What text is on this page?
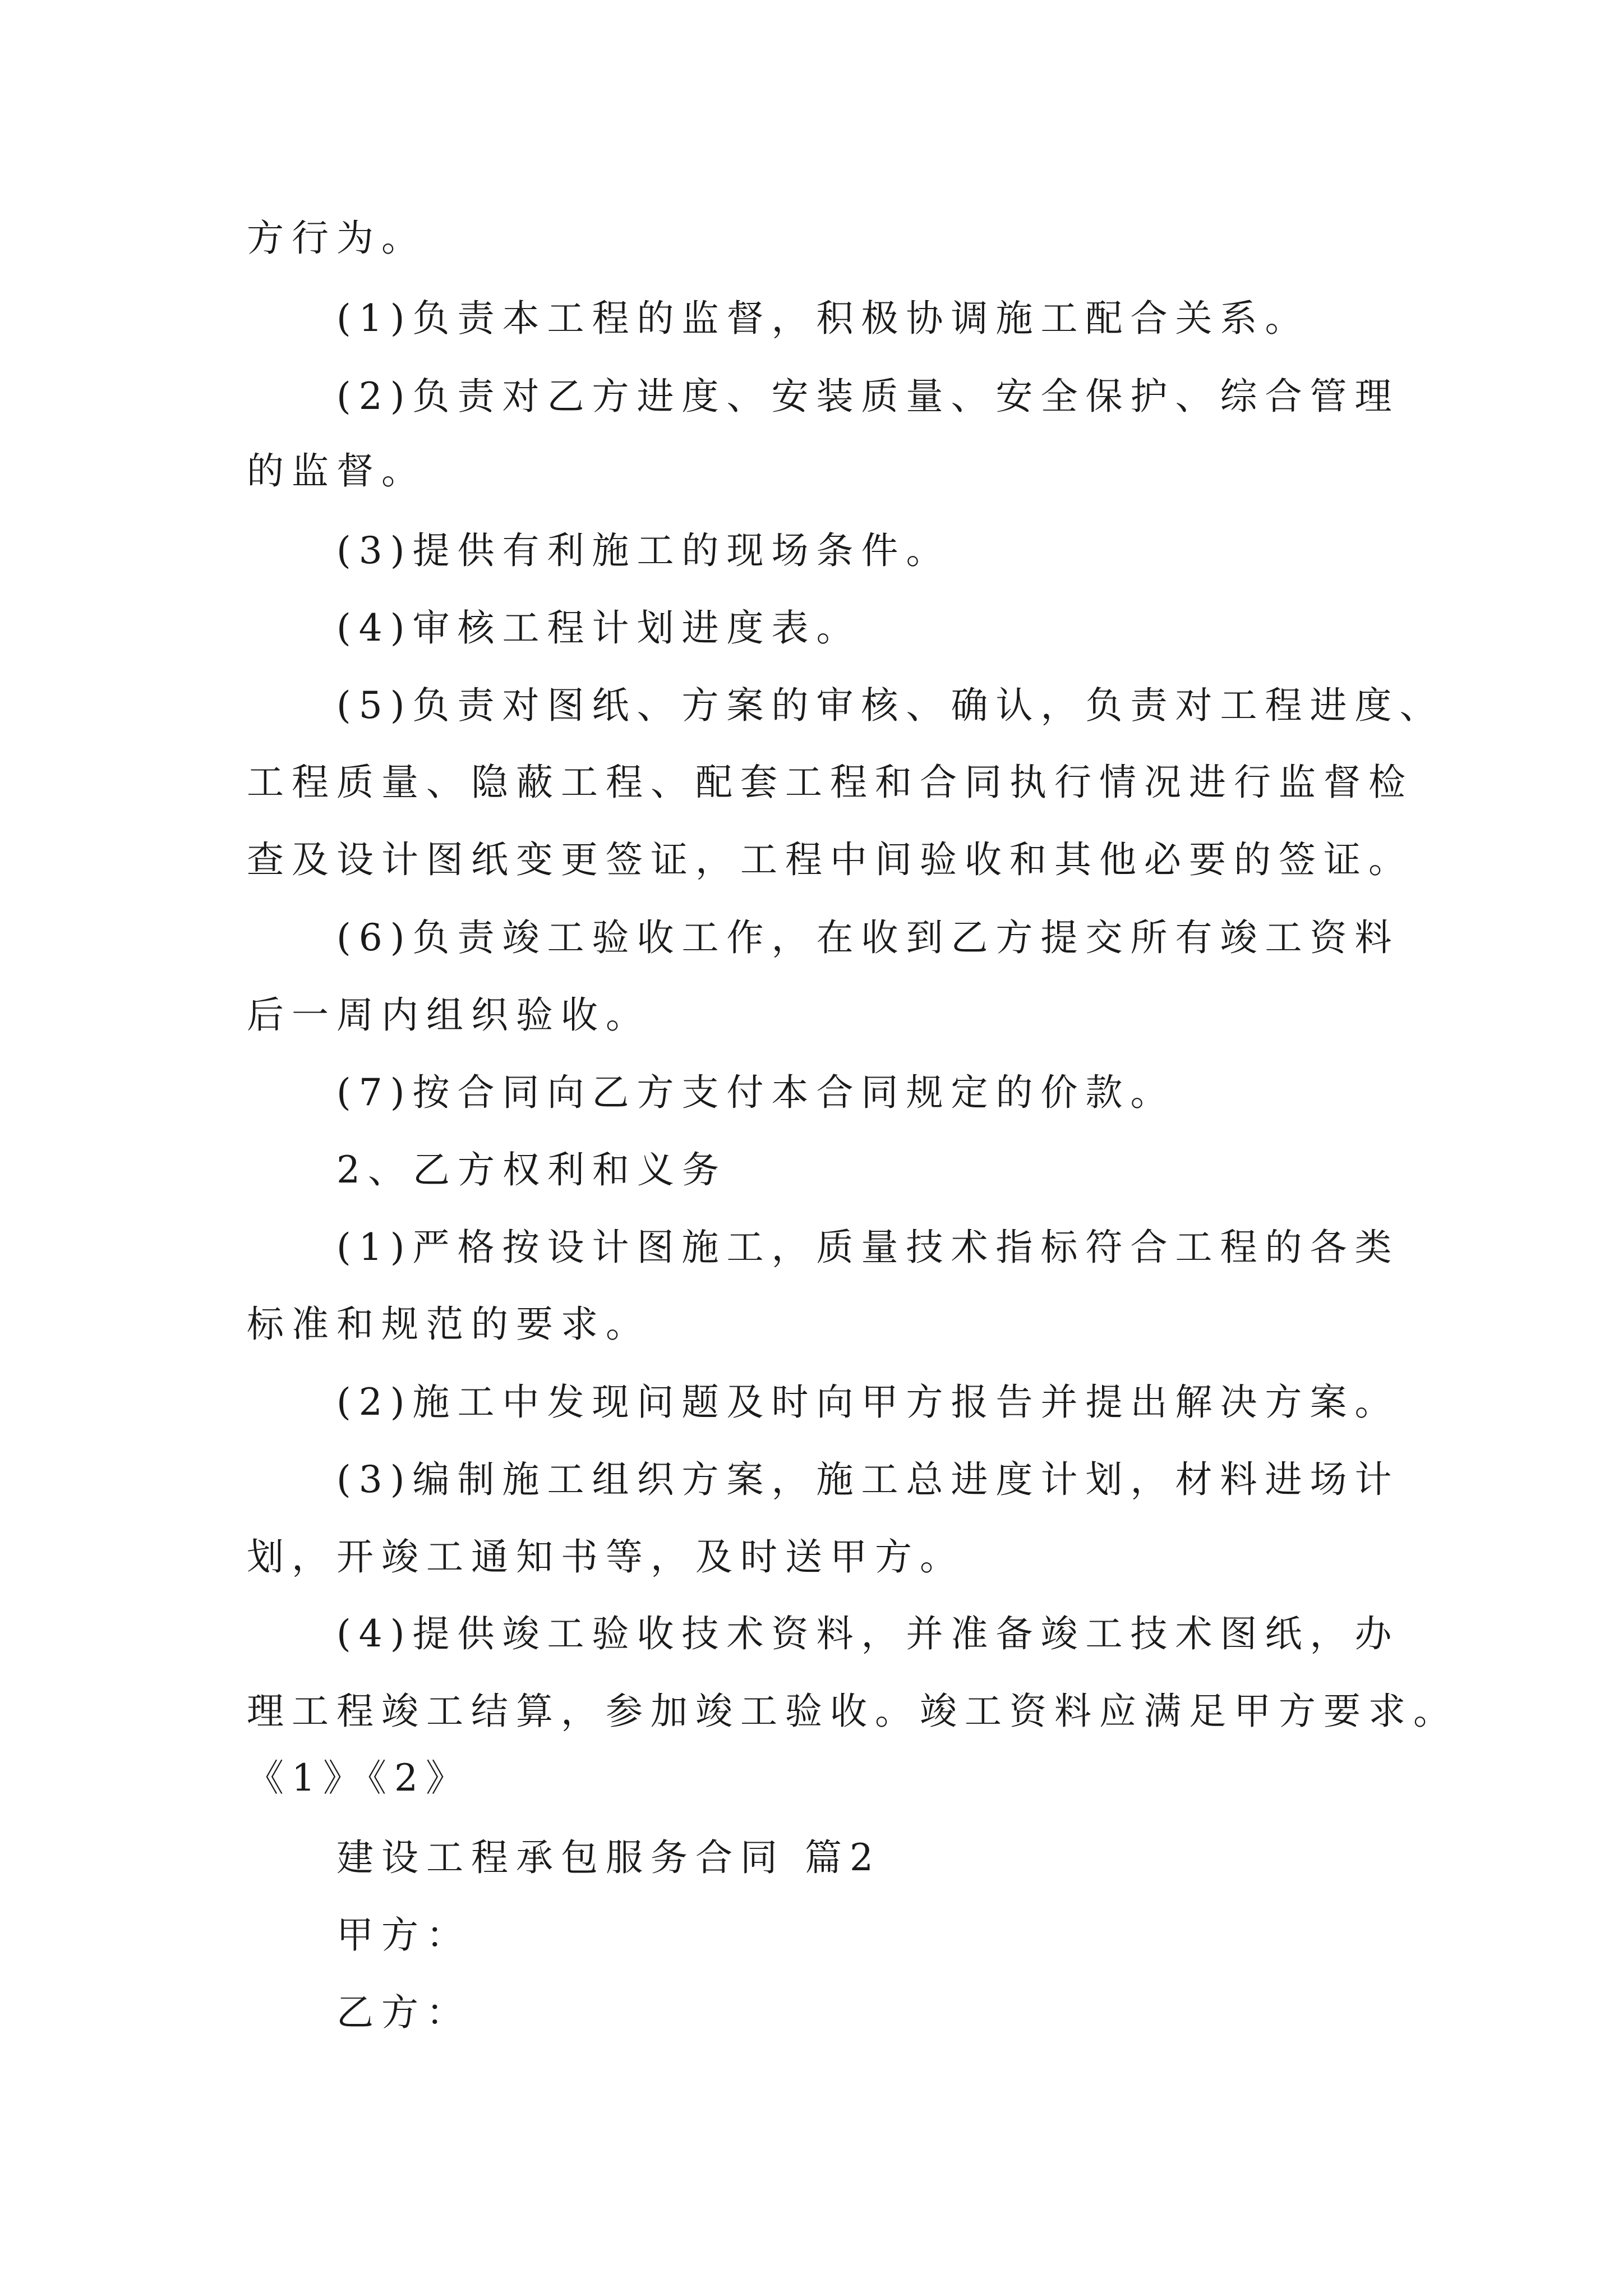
方行为。
(1)负责本工程的监督，积极协调施工配合关系。
(2)负责对乙方进度、安装质量、安全保护、综合管理
的监督。
(3)提供有利施工的现场条件。
(4)审核工程计划进度表。
(5)负责对图纸、方案的审核、确认，负责对工程进度、
工程质量、隐蔽工程、配套工程和合同执行情况进行监督检
查及设计图纸变更签证，工程中间验收和其他必要的签证。
(6)负责竣工验收工作，在收到乙方提交所有竣工资料
后一周内组织验收。
(7)按合同向乙方支付本合同规定的价款。
2、乙方权利和义务
(1)严格按设计图施工，质量技术指标符合工程的各类
标准和规范的要求。
(2)施工中发现问题及时向甲方报告并提出解决方案。
(3)编制施工组织方案，施工总进度计划，材料进场计
划，开竣工通知书等，及时送甲方。
(4)提供竣工验收技术资料，并准备竣工技术图纸，办
理工程竣工结算，参加竣工验收。竣工资料应满足甲方要求。
《1》《2》
建设工程承包服务合同 篇2
甲方：
乙方：
